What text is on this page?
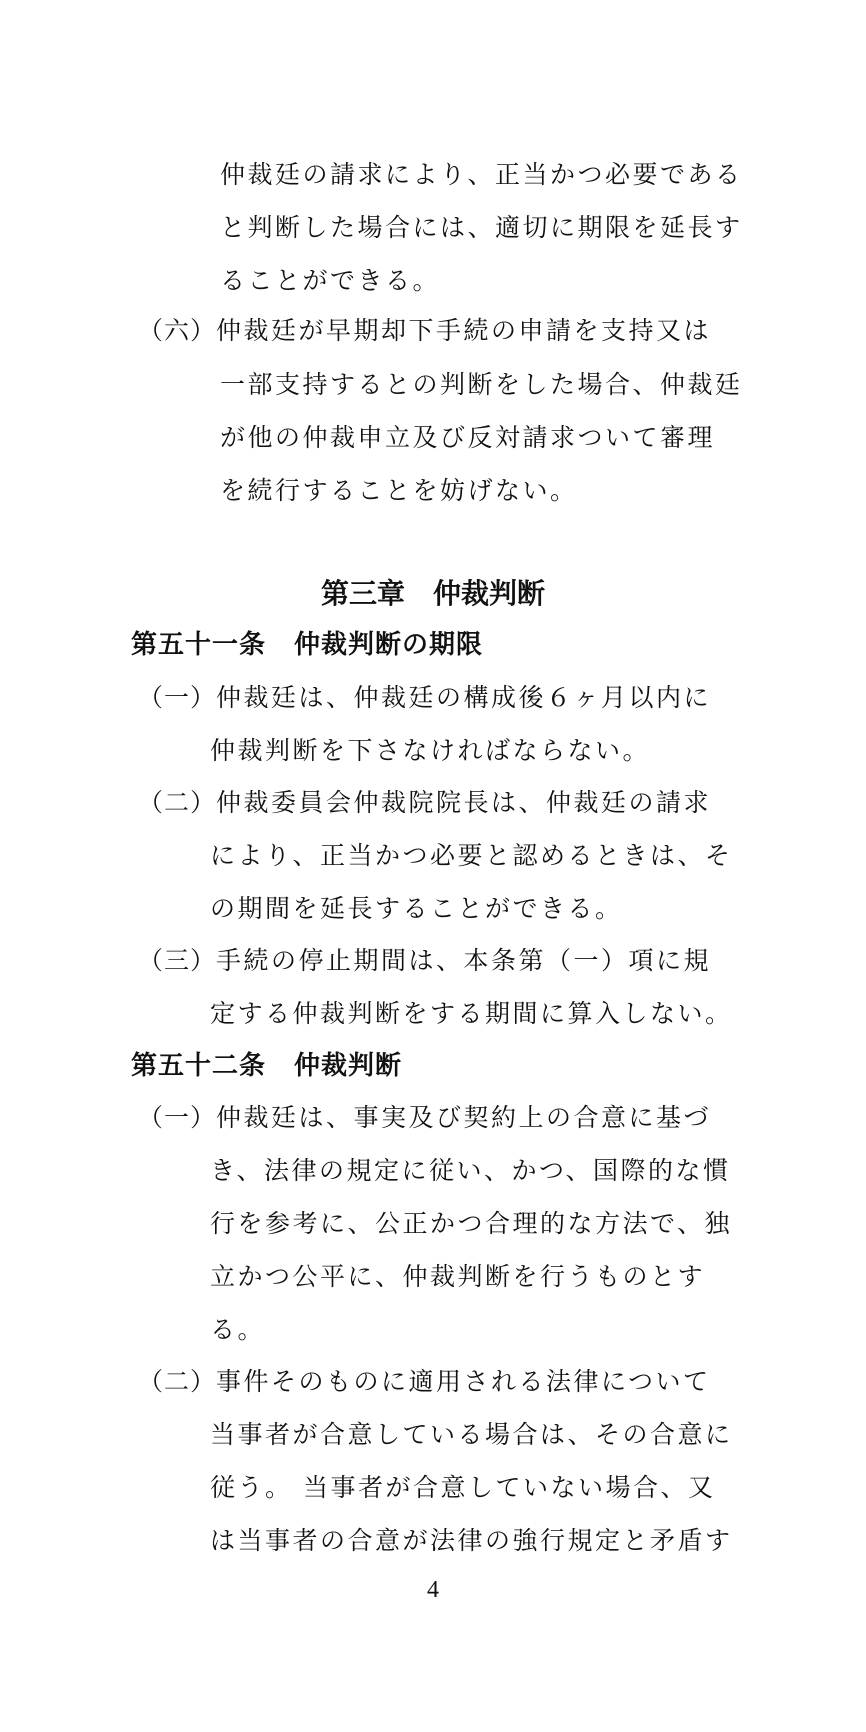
仲裁廷の請求により、正当かつ必要である
と判断した場合には、適切に期限を延長す
ることができる。
（六） 仲裁廷が早期却下手続の申請を支持又は
一部支持するとの判断をした場合、仲裁廷
が他の仲裁申立及び反対請求ついて審理
を続行することを妨げない。
第三章 仲裁判断
第五十一条 仲裁判断の期限
（一） 仲裁廷は、仲裁廷の構成後６ヶ月以内に
仲裁判断を下さなければならない。
（二） 仲裁委員会仲裁院院長は、仲裁廷の請求
により、正当かつ必要と認めるときは、そ
の期間を延長することができる。
（三） 手続の停止期間は、本条第（一）項に規
定する仲裁判断をする期間に算入しない。
第五十二条 仲裁判断
（一） 仲裁廷は、事実及び契約上の合意に基づ
き、法律の規定に従い、かつ、国際的な慣
行を参考に、公正かつ合理的な方法で、独
立かつ公平に、仲裁判断を行うものとす
る。
（二） 事件そのものに適用される法律について
当事者が合意している場合は、その合意に
従う。 当事者が合意していない場合、又
は当事者の合意が法律の強行規定と矛盾す
4
